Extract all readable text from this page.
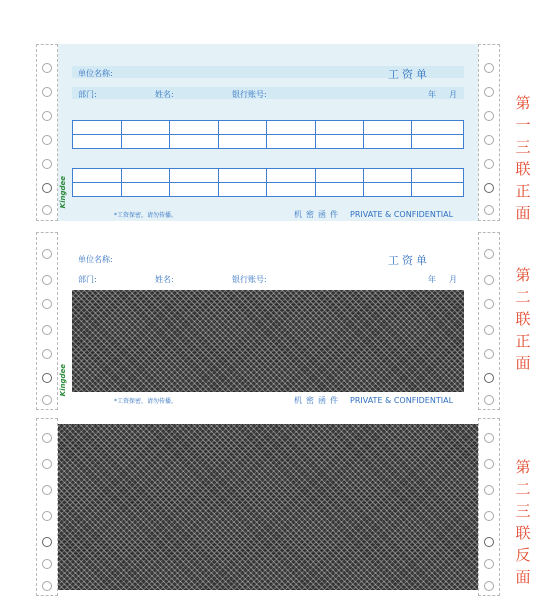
Kingdee
单位名称:	工资单
部门:	姓名:	银行账号:	年 月
*工资保密，请勿传播。	机密函件 PRIVATE & CONFIDENTIAL
Kingdee
单位名称:	工资单
部门:	姓名:	银行账号:	年 月
*工资保密，请勿传播。	机密函件 PRIVATE & CONFIDENTIAL
第
一
三
联
正
面
第
二
联
正
面
第
二
三
联
反
面
